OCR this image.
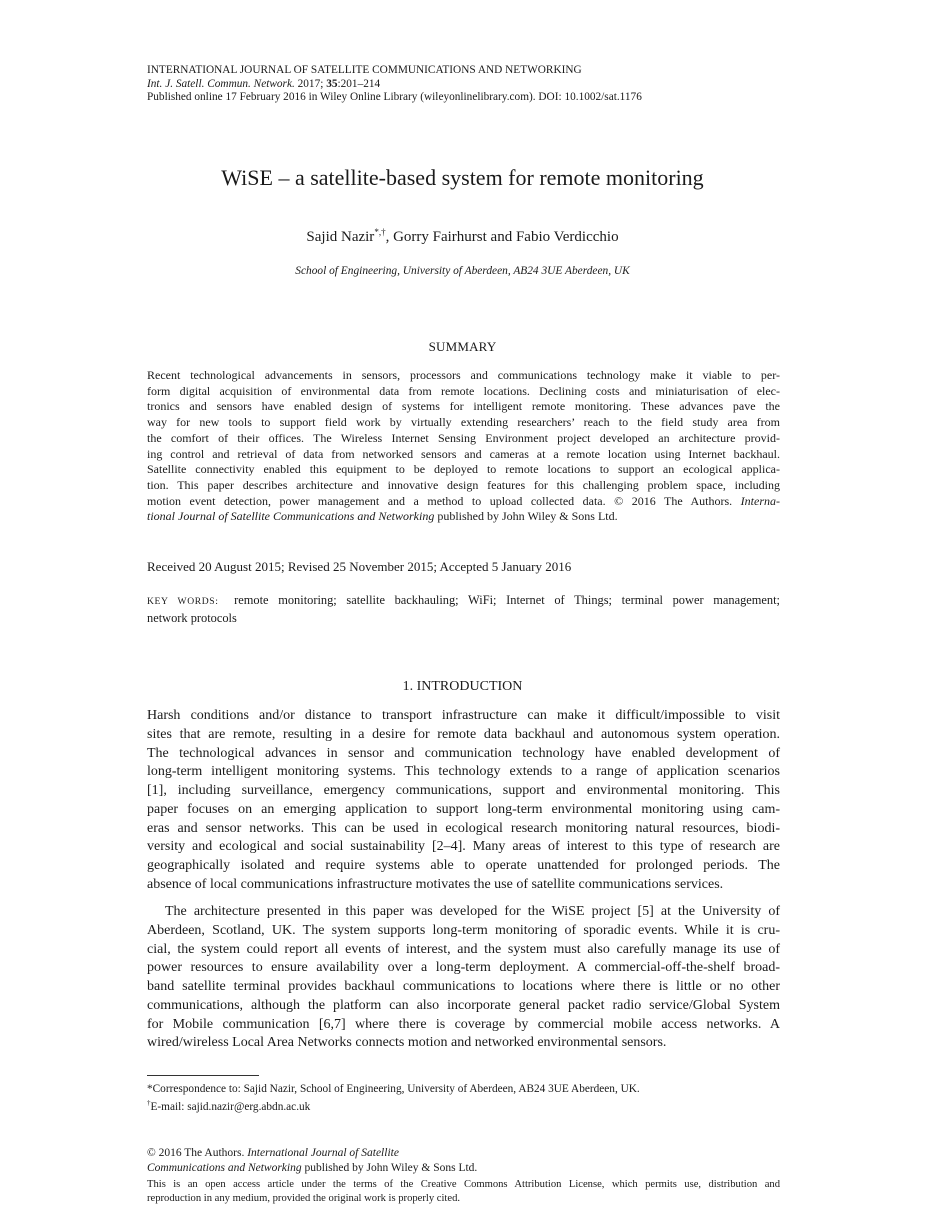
INTERNATIONAL JOURNAL OF SATELLITE COMMUNICATIONS AND NETWORKING
Int. J. Satell. Commun. Network. 2017; 35:201–214
Published online 17 February 2016 in Wiley Online Library (wileyonlinelibrary.com). DOI: 10.1002/sat.1176
WiSE – a satellite-based system for remote monitoring
Sajid Nazir*,†, Gorry Fairhurst and Fabio Verdicchio
School of Engineering, University of Aberdeen, AB24 3UE Aberdeen, UK
SUMMARY
Recent technological advancements in sensors, processors and communications technology make it viable to per-
form digital acquisition of environmental data from remote locations. Declining costs and miniaturisation of elec-
tronics and sensors have enabled design of systems for intelligent remote monitoring. These advances pave the
way for new tools to support field work by virtually extending researchers’ reach to the field study area from
the comfort of their offices. The Wireless Internet Sensing Environment project developed an architecture provid-
ing control and retrieval of data from networked sensors and cameras at a remote location using Internet backhaul.
Satellite connectivity enabled this equipment to be deployed to remote locations to support an ecological applica-
tion. This paper describes architecture and innovative design features for this challenging problem space, including
motion event detection, power management and a method to upload collected data. © 2016 The Authors. Interna-
tional Journal of Satellite Communications and Networking published by John Wiley & Sons Ltd.
Received 20 August 2015; Revised 25 November 2015; Accepted 5 January 2016
KEY WORDS: remote monitoring; satellite backhauling; WiFi; Internet of Things; terminal power management;
network protocols
1. INTRODUCTION
Harsh conditions and/or distance to transport infrastructure can make it difficult/impossible to visit
sites that are remote, resulting in a desire for remote data backhaul and autonomous system operation.
The technological advances in sensor and communication technology have enabled development of
long-term intelligent monitoring systems. This technology extends to a range of application scenarios
[1], including surveillance, emergency communications, support and environmental monitoring. This
paper focuses on an emerging application to support long-term environmental monitoring using cam-
eras and sensor networks. This can be used in ecological research monitoring natural resources, biodi-
versity and ecological and social sustainability [2–4]. Many areas of interest to this type of research are
geographically isolated and require systems able to operate unattended for prolonged periods. The
absence of local communications infrastructure motivates the use of satellite communications services.
The architecture presented in this paper was developed for the WiSE project [5] at the University of
Aberdeen, Scotland, UK. The system supports long-term monitoring of sporadic events. While it is cru-
cial, the system could report all events of interest, and the system must also carefully manage its use of
power resources to ensure availability over a long-term deployment. A commercial-off-the-shelf broad-
band satellite terminal provides backhaul communications to locations where there is little or no other
communications, although the platform can also incorporate general packet radio service/Global System
for Mobile communication [6,7] where there is coverage by commercial mobile access networks. A
wired/wireless Local Area Networks connects motion and networked environmental sensors.
*Correspondence to: Sajid Nazir, School of Engineering, University of Aberdeen, AB24 3UE Aberdeen, UK.
†E-mail: sajid.nazir@erg.abdn.ac.uk
© 2016 The Authors. International Journal of Satellite
Communications and Networking published by John Wiley & Sons Ltd.
This is an open access article under the terms of the Creative Commons Attribution License, which permits use, distribution and
reproduction in any medium, provided the original work is properly cited.
